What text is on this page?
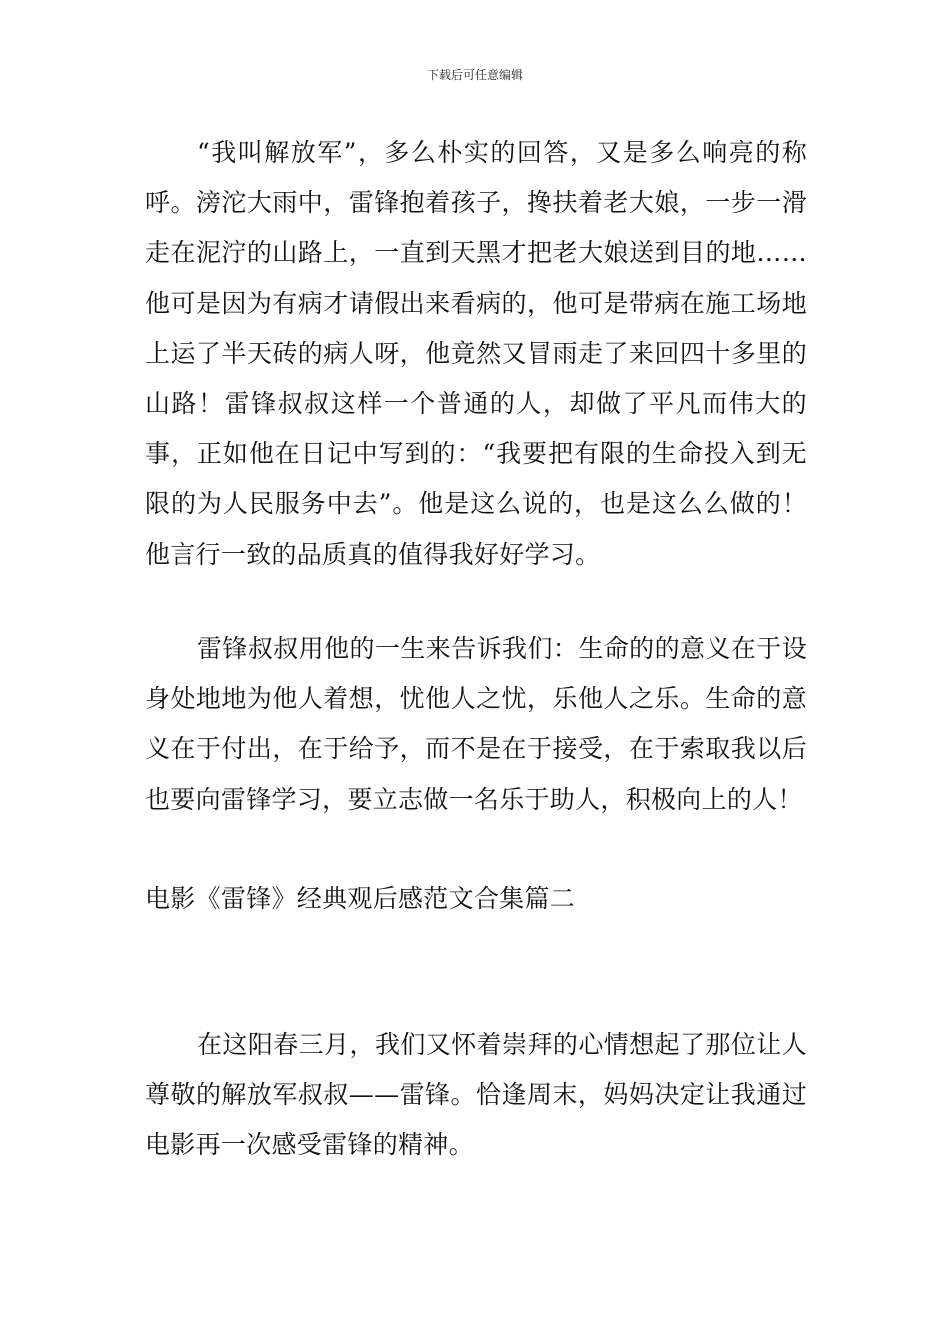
下载后可任意编辑

“我叫解放军”，多么朴实的回答，又是多么响亮的称呼。滂沱大雨中，雷锋抱着孩子，搀扶着老大娘，一步一滑走在泥泞的山路上，一直到天黑才把老大娘送到目的地……他可是因为有病才请假出来看病的，他可是带病在施工场地上运了半天砖的病人呀，他竟然又冒雨走了来回四十多里的山路！雷锋叔叔这样一个普通的人，却做了平凡而伟大的事，正如他在日记中写到的：“我要把有限的生命投入到无限的为人民服务中去”。他是这么说的，也是这么么做的！他言行一致的品质真的值得我好好学习。

雷锋叔叔用他的一生来告诉我们：生命的的意义在于设身处地地为他人着想，忧他人之忧，乐他人之乐。生命的意义在于付出，在于给予，而不是在于接受，在于索取我以后也要向雷锋学习，要立志做一名乐于助人，积极向上的人！

电影《雷锋》经典观后感范文合集篇二

在这阳春三月，我们又怀着崇拜的心情想起了那位让人尊敬的解放军叔叔——雷锋。恰逢周末，妈妈决定让我通过电影再一次感受雷锋的精神。
